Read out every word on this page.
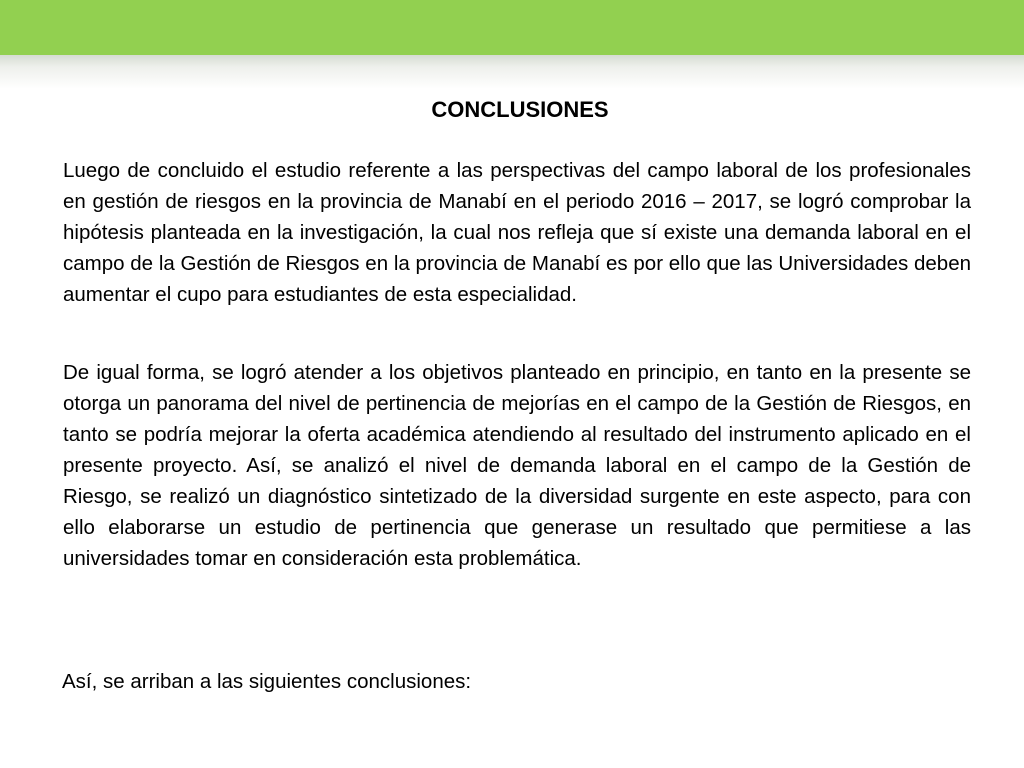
CONCLUSIONES

Luego de concluido el estudio referente a las perspectivas del campo laboral de los profesionales en gestión de riesgos en la provincia de Manabí en el periodo 2016 – 2017, se logró comprobar la hipótesis planteada en la investigación, la cual nos refleja que sí existe una demanda laboral en el campo de la Gestión de Riesgos en la provincia de Manabí es por ello que las Universidades deben aumentar el cupo para estudiantes de esta especialidad.

De igual forma, se logró atender a los objetivos planteado en principio, en tanto en la presente se otorga un panorama del nivel de pertinencia de mejorías en el campo de la Gestión de Riesgos, en tanto se podría mejorar la oferta académica atendiendo al resultado del instrumento aplicado en el presente proyecto. Así, se analizó el nivel de demanda laboral en el campo de la Gestión de Riesgo, se realizó un diagnóstico sintetizado de la diversidad surgente en este aspecto, para con ello elaborarse un estudio de pertinencia que generase un resultado que permitiese a las universidades tomar en consideración esta problemática.

Así, se arriban a las siguientes conclusiones:
